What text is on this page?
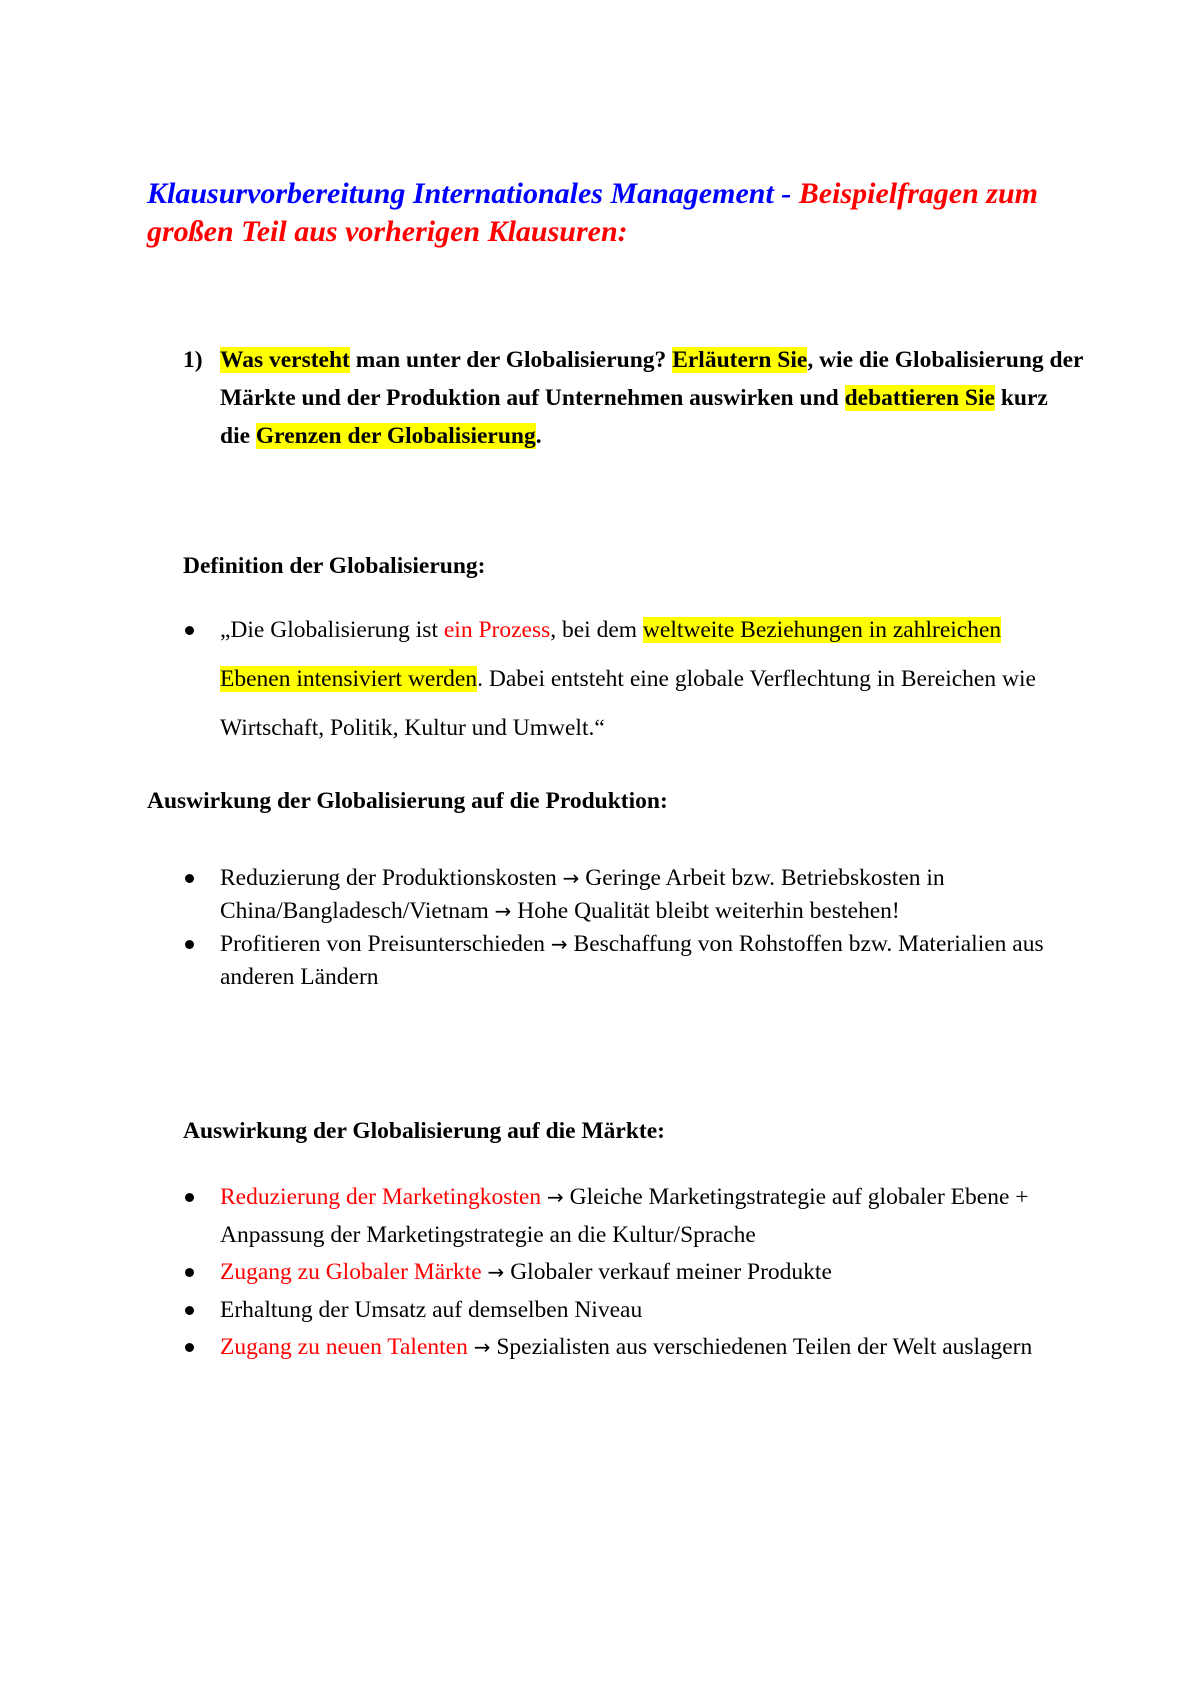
Klausurvorbereitung Internationales Management - Beispielfragen zum großen Teil aus vorherigen Klausuren:
1) Was versteht man unter der Globalisierung? Erläutern Sie, wie die Globalisierung der Märkte und der Produktion auf Unternehmen auswirken und debattieren Sie kurz die Grenzen der Globalisierung.
Definition der Globalisierung:
„Die Globalisierung ist ein Prozess, bei dem weltweite Beziehungen in zahlreichen Ebenen intensiviert werden. Dabei entsteht eine globale Verflechtung in Bereichen wie Wirtschaft, Politik, Kultur und Umwelt.“
Auswirkung der Globalisierung auf die Produktion:
Reduzierung der Produktionskosten → Geringe Arbeit bzw. Betriebskosten in China/Bangladesch/Vietnam → Hohe Qualität bleibt weiterhin bestehen!
Profitieren von Preisunterschieden → Beschaffung von Rohstoffen bzw. Materialien aus anderen Ländern
Auswirkung der Globalisierung auf die Märkte:
Reduzierung der Marketingkosten → Gleiche Marketingstrategie auf globaler Ebene + Anpassung der Marketingstrategie an die Kultur/Sprache
Zugang zu Globaler Märkte → Globaler verkauf meiner Produkte
Erhaltung der Umsatz auf demselben Niveau
Zugang zu neuen Talenten → Spezialisten aus verschiedenen Teilen der Welt auslagern
